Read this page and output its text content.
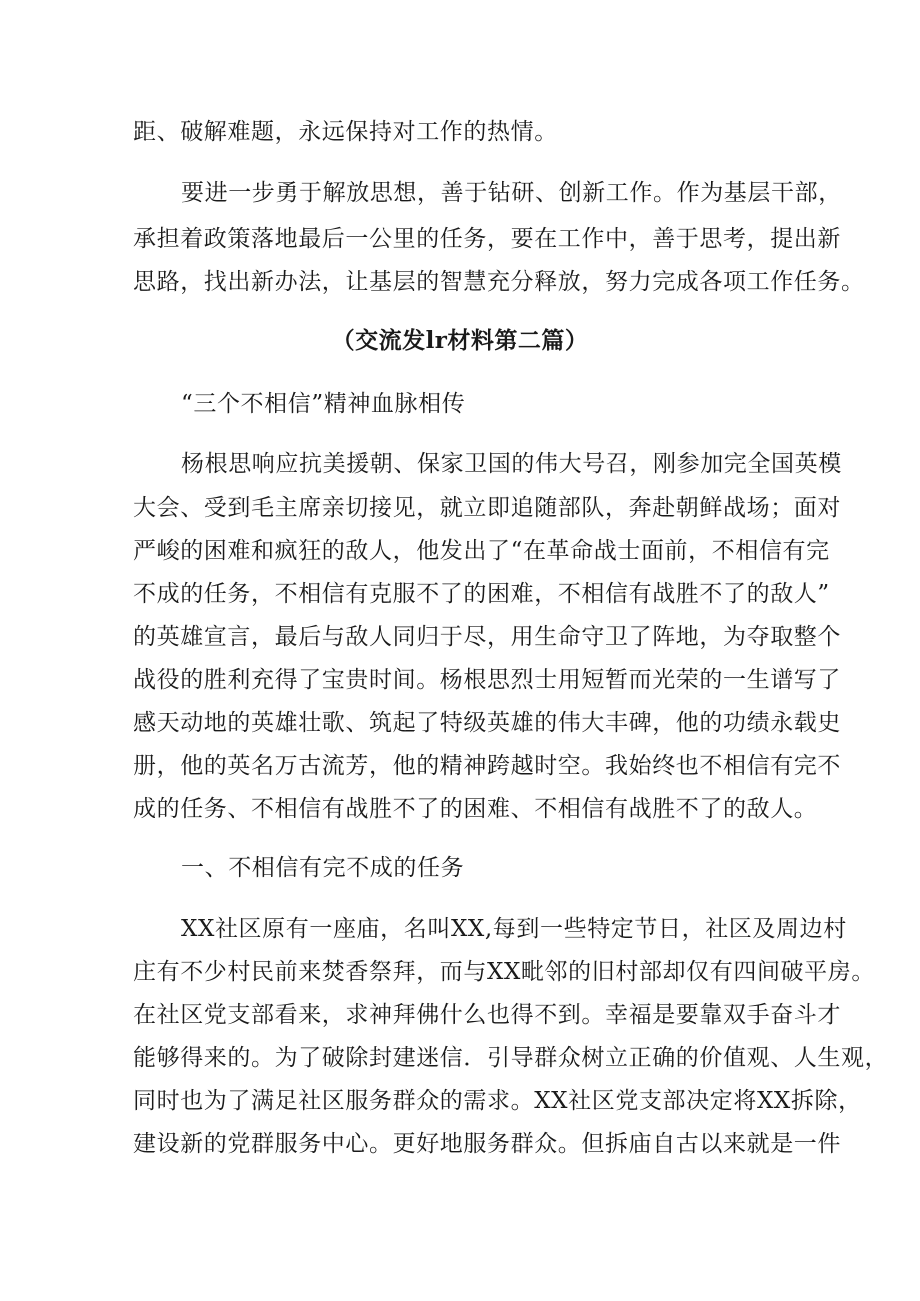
距、破解难题，永远保持对工作的热情。
要进一步勇于解放思想，善于钻研、创新工作。作为基层干部，
承担着政策落地最后一公里的任务，要在工作中，善于思考，提出新
思路，找出新办法，让基层的智慧充分释放，努力完成各项工作任务。
（交流发lr材料第二篇）
“三个不相信”精神血脉相传
杨根思响应抗美援朝、保家卫国的伟大号召，刚参加完全国英模
大会、受到毛主席亲切接见，就立即追随部队，奔赴朝鲜战场；面对
严峻的困难和疯狂的敌人，他发出了“在革命战士面前，不相信有完
不成的任务，不相信有克服不了的困难，不相信有战胜不了的敌人”
的英雄宣言，最后与敌人同归于尽，用生命守卫了阵地，为夺取整个
战役的胜利充得了宝贵时间。杨根思烈士用短暂而光荣的一生谱写了
感天动地的英雄壮歌、筑起了特级英雄的伟大丰碑，他的功绩永载史
册，他的英名万古流芳，他的精神跨越时空。我始终也不相信有完不
成的任务、不相信有战胜不了的困难、不相信有战胜不了的敌人。
一、不相信有完不成的任务
XX社区原有一座庙，名叫XX,每到一些特定节日，社区及周边村
庄有不少村民前来焚香祭拜，而与XX毗邻的旧村部却仅有四间破平房。
在社区党支部看来，求神拜佛什么也得不到。幸福是要靠双手奋斗才
能够得来的。为了破除封建迷信．引导群众树立正确的价值观、人生观，
同时也为了满足社区服务群众的需求。XX社区党支部决定将XX拆除，
建设新的党群服务中心。更好地服务群众。但拆庙自古以来就是一件
